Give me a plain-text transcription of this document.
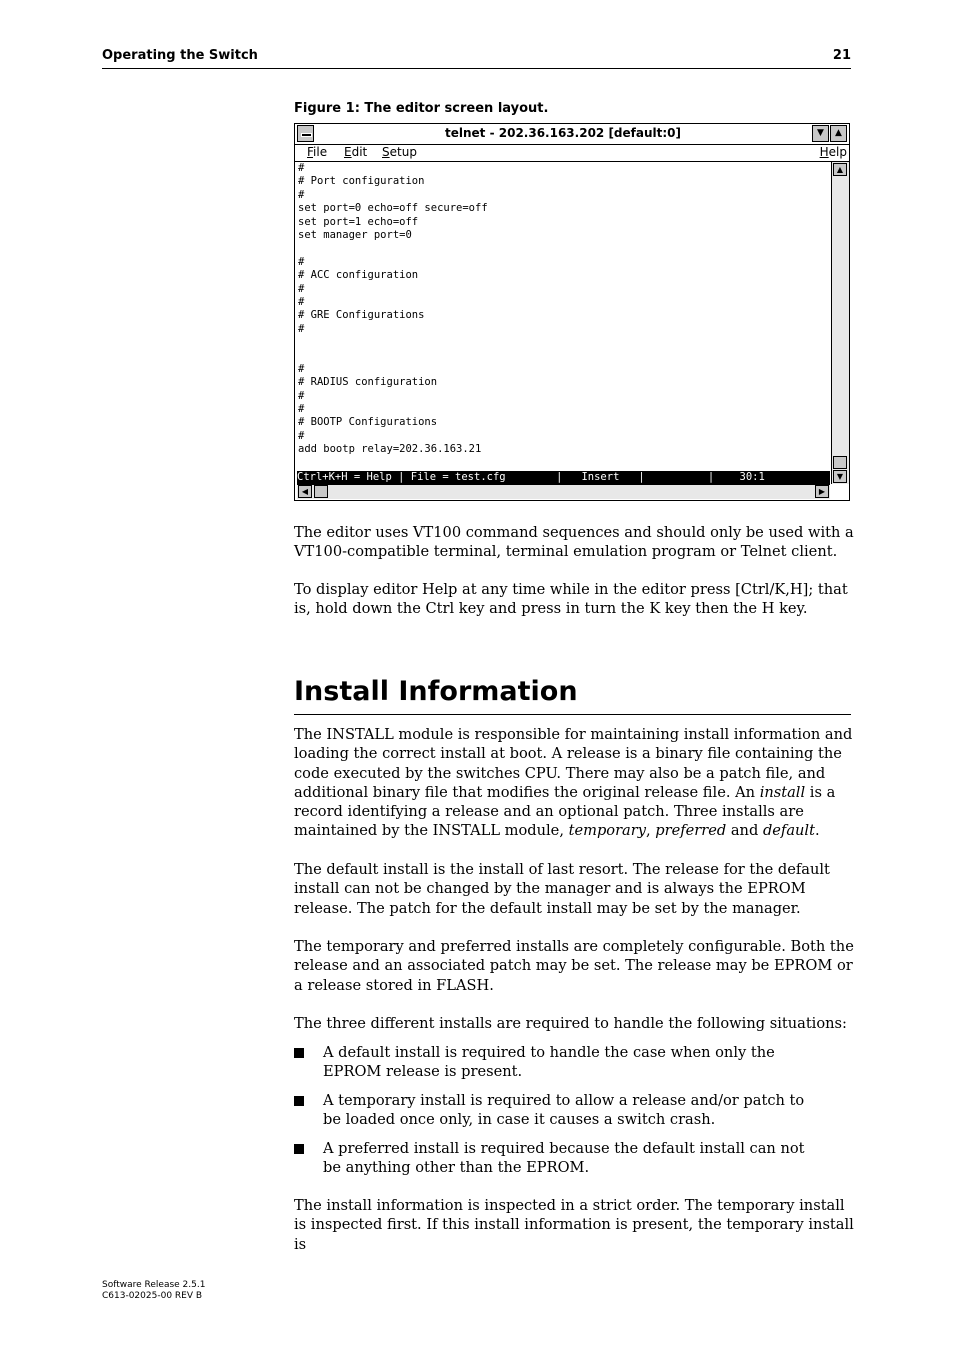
Operating the Switch	21
Figure 1: The editor screen layout.
telnet - 202.36.163.202 [default:0]	▼	▲
File Edit Setup	Help
#
# Port configuration
#
set port=0 echo=off secure=off
set port=1 echo=off
set manager port=0
#
# ACC configuration
#
#
# GRE Configurations
#
#
# RADIUS configuration
#
#
# BOOTP Configurations
#
add bootp relay=202.36.163.21
▲
▼
Ctrl+K+H = Help | File = test.cfg        |   Insert   |          |    30:1
◀	▶
The editor uses VT100 command sequences and should only be used with a VT100-compatible terminal, terminal emulation program or Telnet client.
To display editor Help at any time while in the editor press [Ctrl/K,H]; that is, hold down the Ctrl key and press in turn the K key then the H key.
Install Information
The INSTALL module is responsible for maintaining install information and loading the correct install at boot. A release is a binary file containing the code executed by the switches CPU. There may also be a patch file, and additional binary file that modifies the original release file. An install is a record identifying a release and an optional patch. Three installs are maintained by the INSTALL module, temporary, preferred and default.
The default install is the install of last resort. The release for the default install can not be changed by the manager and is always the EPROM release. The patch for the default install may be set by the manager.
The temporary and preferred installs are completely configurable. Both the release and an associated patch may be set. The release may be EPROM or a release stored in FLASH.
The three different installs are required to handle the following situations:
A default install is required to handle the case when only the EPROM release is present.
A temporary install is required to allow a release and/or patch to be loaded once only, in case it causes a switch crash.
A preferred install is required because the default install can not be anything other than the EPROM.
The install information is inspected in a strict order. The temporary install is inspected first. If this install information is present, the temporary install is
Software Release 2.5.1
C613-02025-00 REV B
